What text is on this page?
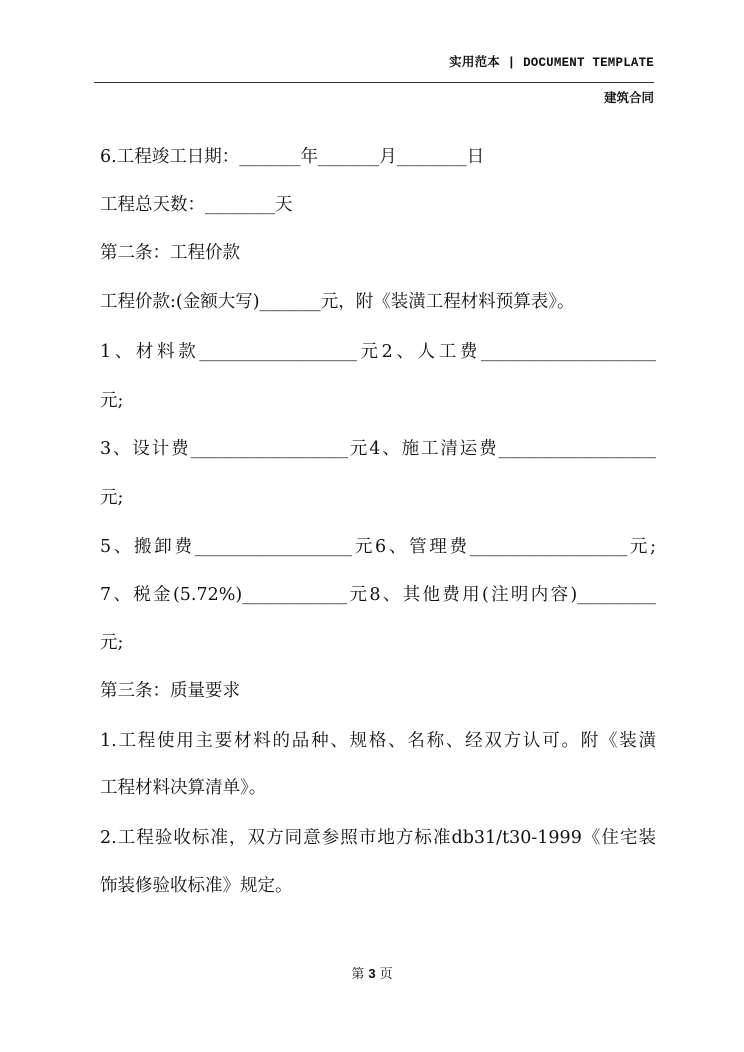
实用范本 | DOCUMENT TEMPLATE
建筑合同
6.工程竣工日期：_______年_______月________日
工程总天数：________天
第二条：工程价款
工程价款:(金额大写)_______元，附《装潢工程材料预算表》。
1、材料款__________________元2、人工费____________________
元;
3、设计费__________________元4、施工清运费__________________
元;
5、搬卸费__________________元6、管理费__________________元;
7、税金(5.72%)____________元8、其他费用(注明内容)_________
元;
第三条：质量要求
1.工程使用主要材料的品种、规格、名称、经双方认可。附《装潢
工程材料决算清单》。
2.工程验收标准，双方同意参照市地方标准db31/t30-1999《住宅装
饰装修验收标准》规定。
第 3 页
